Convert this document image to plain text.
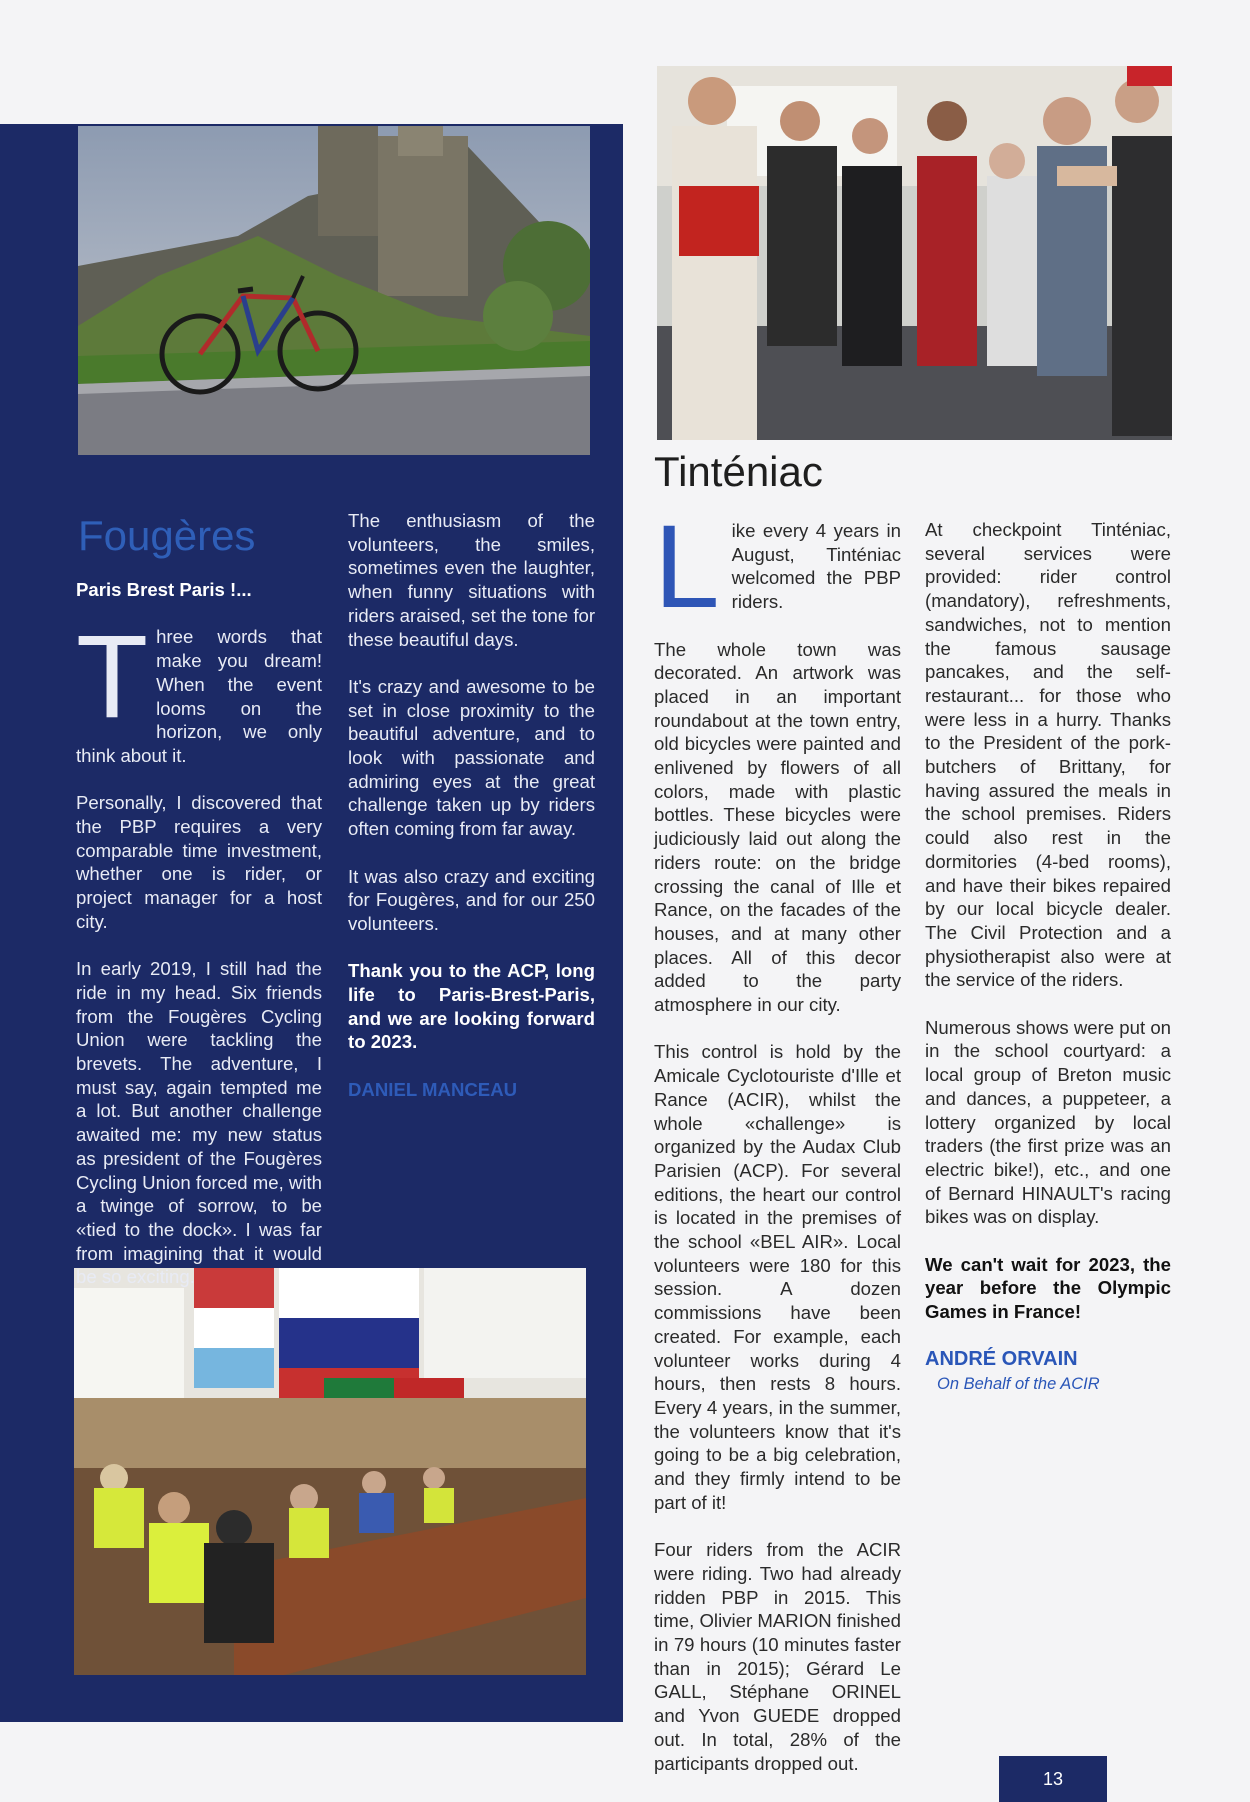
Fougères

Paris Brest Paris !...

Three words that make you dream! When the event looms on the horizon, we only think about it.

Personally, I discovered that the PBP requires a very comparable time investment, whether one is rider, or project manager for a host city.

In early 2019, I still had the ride in my head. Six friends from the Fougères Cycling Union were tackling the brevets. The adventure, I must say, again tempted me a lot. But another challenge awaited me: my new status as president of the Fougères Cycling Union forced me, with a twinge of sorrow, to be «tied to the dock». I was far from imagining that it would be so exciting.

The enthusiasm of the volunteers, the smiles, sometimes even the laughter, when funny situations with riders araised, set the tone for these beautiful days.

It's crazy and awesome to be set in close proximity to the beautiful adventure, and to look with passionate and admiring eyes at the great challenge taken up by riders often coming from far away.

It was also crazy and exciting for Fougères, and for our 250 volunteers.

Thank you to the ACP, long life to Paris-Brest-Paris, and we are looking forward to 2023.

DANIEL MANCEAU

Tinténiac

Like every 4 years in August, Tinténiac welcomed the PBP riders.

The whole town was decorated. An artwork was placed in an important roundabout at the town entry, old bicycles were painted and enlivened by flowers of all colors, made with plastic bottles. These bicycles were judiciously laid out along the riders route: on the bridge crossing the canal of Ille et Rance, on the facades of the houses, and at many other places. All of this decor added to the party atmosphere in our city.

This control is hold by the Amicale Cyclotouriste d'Ille et Rance (ACIR), whilst the whole «challenge» is organized by the Audax Club Parisien (ACP). For several editions, the heart our control is located in the premises of the school «BEL AIR». Local volunteers were 180 for this session. A dozen commissions have been created. For example, each volunteer works during 4 hours, then rests 8 hours. Every 4 years, in the summer, the volunteers know that it's going to be a big celebration, and they firmly intend to be part of it!

Four riders from the ACIR were riding. Two had already ridden PBP in 2015. This time, Olivier MARION finished in 79 hours (10 minutes faster than in 2015); Gérard Le GALL, Stéphane ORINEL and Yvon GUEDE dropped out. In total, 28% of the participants dropped out.

At checkpoint Tinténiac, several services were provided: rider control (mandatory), refreshments, sandwiches, not to mention the famous sausage pancakes, and the self-restaurant... for those who were less in a hurry. Thanks to the President of the pork-butchers of Brittany, for having assured the meals in the school premises. Riders could also rest in the dormitories (4-bed rooms), and have their bikes repaired by our local bicycle dealer. The Civil Protection and a physiotherapist also were at the service of the riders.

Numerous shows were put on in the school courtyard: a local group of Breton music and dances, a puppeteer, a lottery organized by local traders (the first prize was an electric bike!), etc., and one of Bernard HINAULT's racing bikes was on display.

We can't wait for 2023, the year before the Olympic Games in France!

ANDRÉ ORVAIN

On Behalf of the ACIR

13
